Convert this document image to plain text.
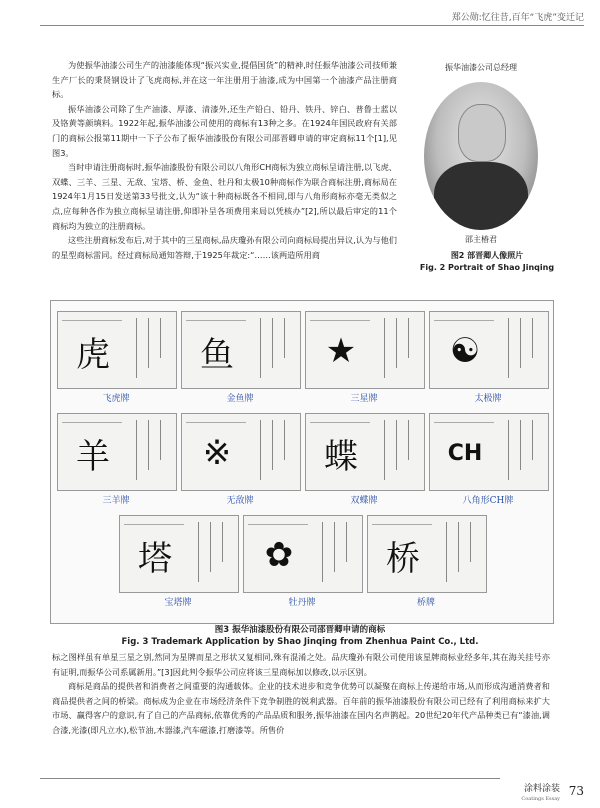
郑公勋:忆往昔,百年“飞虎”变迁记

为使振华油漆公司生产的油漆能体现“振兴实业,提倡国货”的精神,时任振华油漆公司技师兼生产厂长的秉贤钢设计了飞虎商标,并在这一年注册用于油漆,成为中国第一个油漆产品注册商标。

振华油漆公司除了生产油漆、厚漆、清漆外,还生产铅白、铅丹、铁丹、锌白、普鲁士蓝以及铬黄等颜填料。1922年起,振华油漆公司使用的商标有13种之多。在1924年国民政府有关部门的商标公报第11期中一下子公布了振华油漆股份有限公司邵晋卿申请的审定商标11个[1],见图3。

当时申请注册商标时,振华油漆股份有限公司以八角形CH商标为独立商标呈请注册,以飞虎、双蝶、三羊、三星、无敌、宝塔、桥、金鱼、牡丹和太极10种商标作为联合商标注册,商标局在1924年1月15日发送第33号批文,认为“该十种商标既各不相同,即与八角形商标亦毫无类似之点,应每种各作为独立商标呈请注册,仰即补呈各项费用来局以凭核办”[2],所以最后审定的11个商标均为独立的注册商标。

这些注册商标发布后,对于其中的三星商标,品庆瓊孙有限公司向商标局提出异议,认为与他们的星型商标雷同。经过商标局通知答辩,于1925年裁定:“……该两造所用商

振华油漆公司总经理
邵主椿君
图2 部晋卿人像照片
Fig. 2 Portrait of Shao Jinqing
虎
飞虎牌
鱼
金鱼牌
★
三星牌
☯
太极牌
羊
三羊牌
※
无敌牌
蝶
双蝶牌
CH
八角形CH牌
塔
宝塔牌
✿
牡丹牌
桥
桥牌
图3 振华油漆股份有限公司邵晋卿申请的商标
Fig. 3 Trademark Application by Shao Jinqing from Zhenhua Paint Co., Ltd.

标之图样虽有单星三星之别,然同为星牌而星之形状又复相同,殊有混淆之处。品庆瓊孙有限公司使用该星牌商标业经多年,其在海关挂号亦有证明,而振华公司系属新用。”[3]因此判令振华公司应将该三星商标加以修改,以示区别。

商标是商品的提供者和消费者之间重要的沟通载体。企业的技术进步和竞争优势可以凝聚在商标上传递给市场,从而形成沟通消费者和商品提供者之间的桥梁。商标成为企业在市场经济条件下竞争制胜的锐利武器。百年前的振华油漆股份有限公司已经有了利用商标来扩大市场、赢得客户的意识,有了自己的产品商标,依靠优秀的产品品质和服务,振华油漆在国内名声鹊起。20世纪20年代产品种类已有“漆油,调合漆,光漆(即凡立水),松节油,木器漆,汽车磁漆,打磨漆等。所售价

涂料涂装
Coatings Essay
73
